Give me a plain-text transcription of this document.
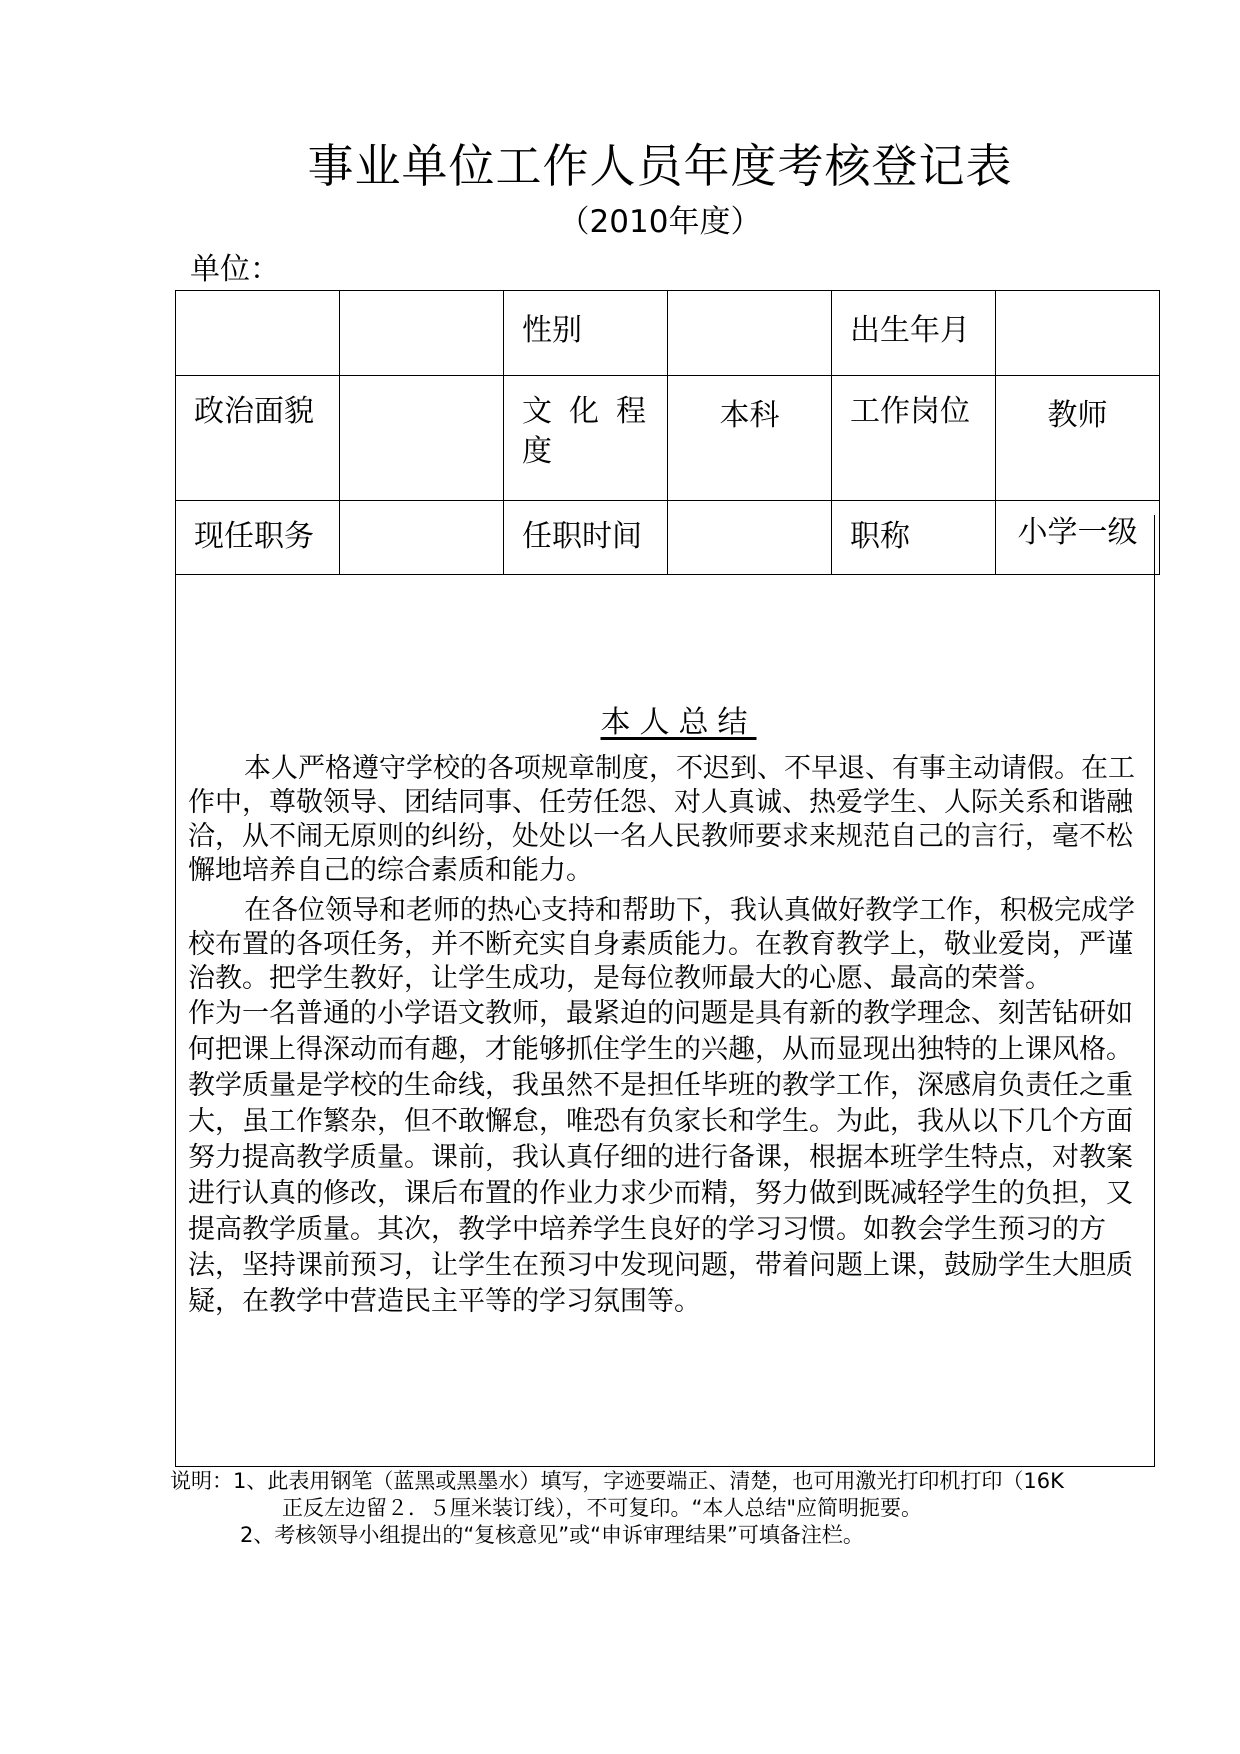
事业单位工作人员年度考核登记表
（2010年度）
单位：
		性别		出生年月	
政治面貌		文化程度	本科	工作岗位	教师
现任职务		任职时间		职称	小学一级
本人总结

本人严格遵守学校的各项规章制度，不迟到、不早退、有事主动请假。在工作中，尊敬领导、团结同事、任劳任怨、对人真诚、热爱学生、人际关系和谐融洽，从不闹无原则的纠纷，处处以一名人民教师要求来规范自己的言行，毫不松懈地培养自己的综合素质和能力。

在各位领导和老师的热心支持和帮助下，我认真做好教学工作，积极完成学校布置的各项任务，并不断充实自身素质能力。在教育教学上，敬业爱岗，严谨治教。把学生教好，让学生成功，是每位教师最大的心愿、最高的荣誉。

作为一名普通的小学语文教师，最紧迫的问题是具有新的教学理念、刻苦钻研如何把课上得深动而有趣，才能够抓住学生的兴趣，从而显现出独特的上课风格。教学质量是学校的生命线，我虽然不是担任毕班的教学工作，深感肩负责任之重大，虽工作繁杂，但不敢懈怠，唯恐有负家长和学生。为此，我从以下几个方面努力提高教学质量。课前，我认真仔细的进行备课，根据本班学生特点，对教案进行认真的修改，课后布置的作业力求少而精，努力做到既减轻学生的负担，又提高教学质量。其次，教学中培养学生良好的学习习惯。如教会学生预习的方法，坚持课前预习，让学生在预习中发现问题，带着问题上课，鼓励学生大胆质疑，在教学中营造民主平等的学习氛围等。

说明：1、此表用钢笔（蓝黑或黑墨水）填写，字迹要端正、清楚，也可用激光打印机打印（16K
正反左边留２．５厘米装订线），不可复印。“本人总结"应简明扼要。
2、考核领导小组提出的“复核意见”或“申诉审理结果”可填备注栏。
